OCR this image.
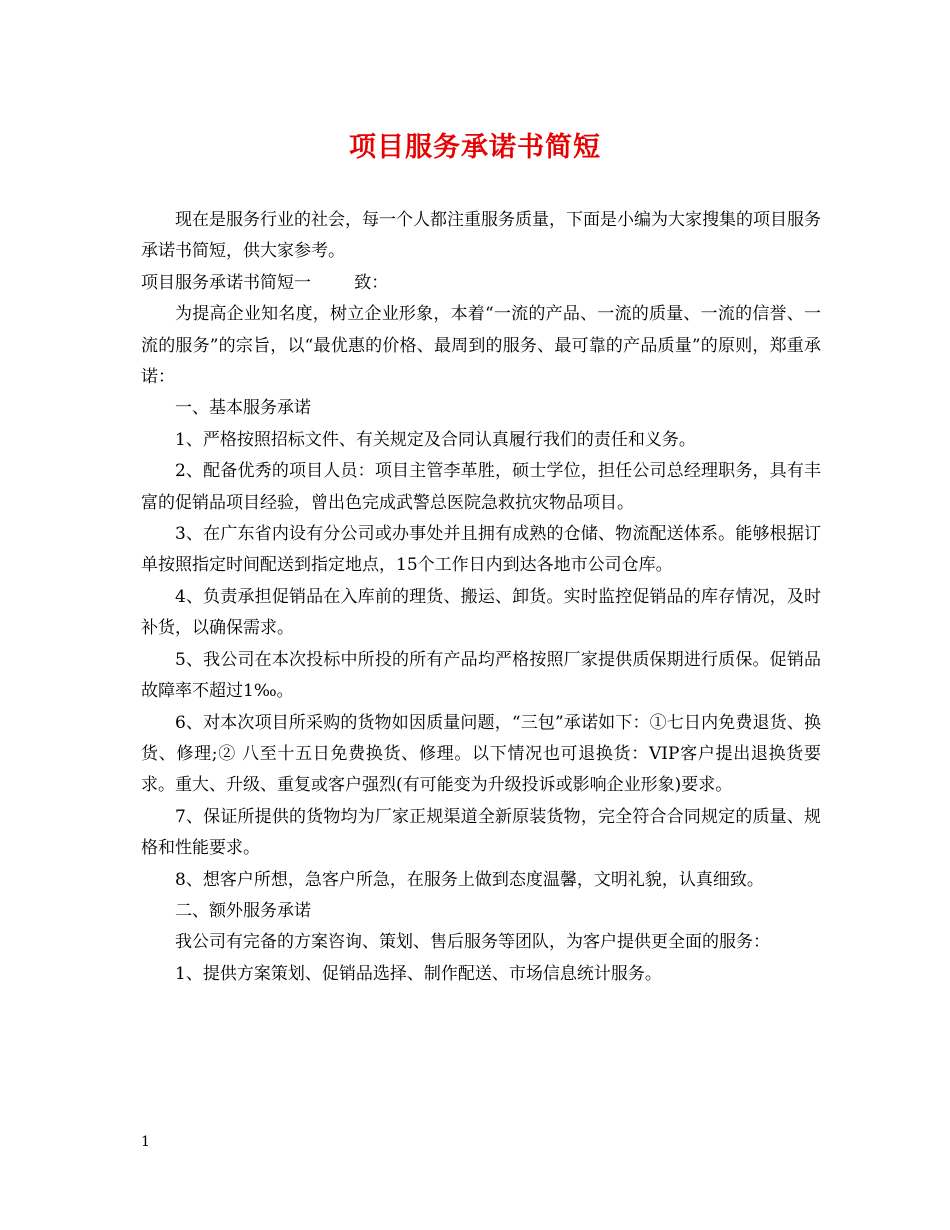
项目服务承诺书简短

现在是服务行业的社会，每一个人都注重服务质量，下面是小编为大家搜集的项目服务承诺书简短，供大家参考。

项目服务承诺书简短一        致：

为提高企业知名度，树立企业形象，本着“一流的产品、一流的质量、一流的信誉、一流的服务”的宗旨，以“最优惠的价格、最周到的服务、最可靠的产品质量”的原则，郑重承诺：

一、基本服务承诺

1、严格按照招标文件、有关规定及合同认真履行我们的责任和义务。

2、配备优秀的项目人员：项目主管李革胜，硕士学位，担任公司总经理职务，具有丰富的促销品项目经验，曾出色完成武警总医院急救抗灾物品项目。

3、在广东省内设有分公司或办事处并且拥有成熟的仓储、物流配送体系。能够根据订单按照指定时间配送到指定地点，15个工作日内到达各地市公司仓库。

4、负责承担促销品在入库前的理货、搬运、卸货。实时监控促销品的库存情况，及时补货，以确保需求。

5、我公司在本次投标中所投的所有产品均严格按照厂家提供质保期进行质保。促销品故障率不超过1‰。

6、对本次项目所采购的货物如因质量问题，“三包”承诺如下：①七日内免费退货、换货、修理;② 八至十五日免费换货、修理。以下情况也可退换货：VIP客户提出退换货要求。重大、升级、重复或客户强烈(有可能变为升级投诉或影响企业形象)要求。

7、保证所提供的货物均为厂家正规渠道全新原装货物，完全符合合同规定的质量、规格和性能要求。

8、想客户所想，急客户所急，在服务上做到态度温馨，文明礼貌，认真细致。

二、额外服务承诺

我公司有完备的方案咨询、策划、售后服务等团队，为客户提供更全面的服务：

1、提供方案策划、促销品选择、制作配送、市场信息统计服务。

1
